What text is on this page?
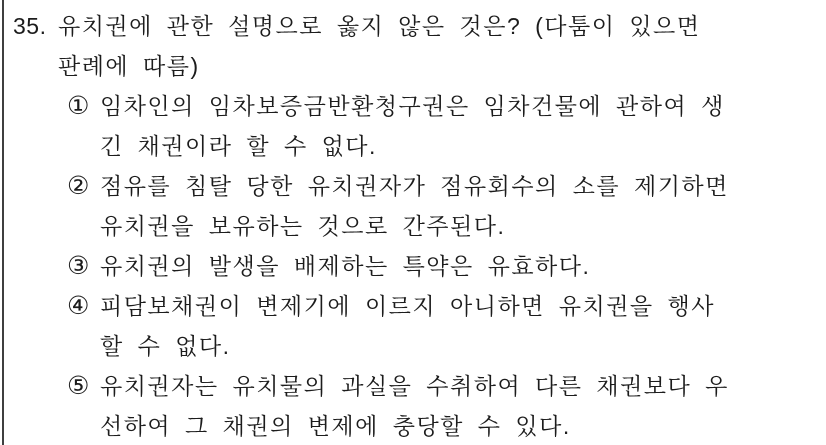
35. 유치권에 관한 설명으로 옳지 않은 것은? (다툼이 있으면
판례에 따름)
① 임차인의 임차보증금반환청구권은 임차건물에 관하여 생
긴 채권이라 할 수 없다.
② 점유를 침탈 당한 유치권자가 점유회수의 소를 제기하면
유치권을 보유하는 것으로 간주된다.
③ 유치권의 발생을 배제하는 특약은 유효하다.
④ 피담보채권이 변제기에 이르지 아니하면 유치권을 행사
할 수 없다.
⑤ 유치권자는 유치물의 과실을 수취하여 다른 채권보다 우
선하여 그 채권의 변제에 충당할 수 있다.
